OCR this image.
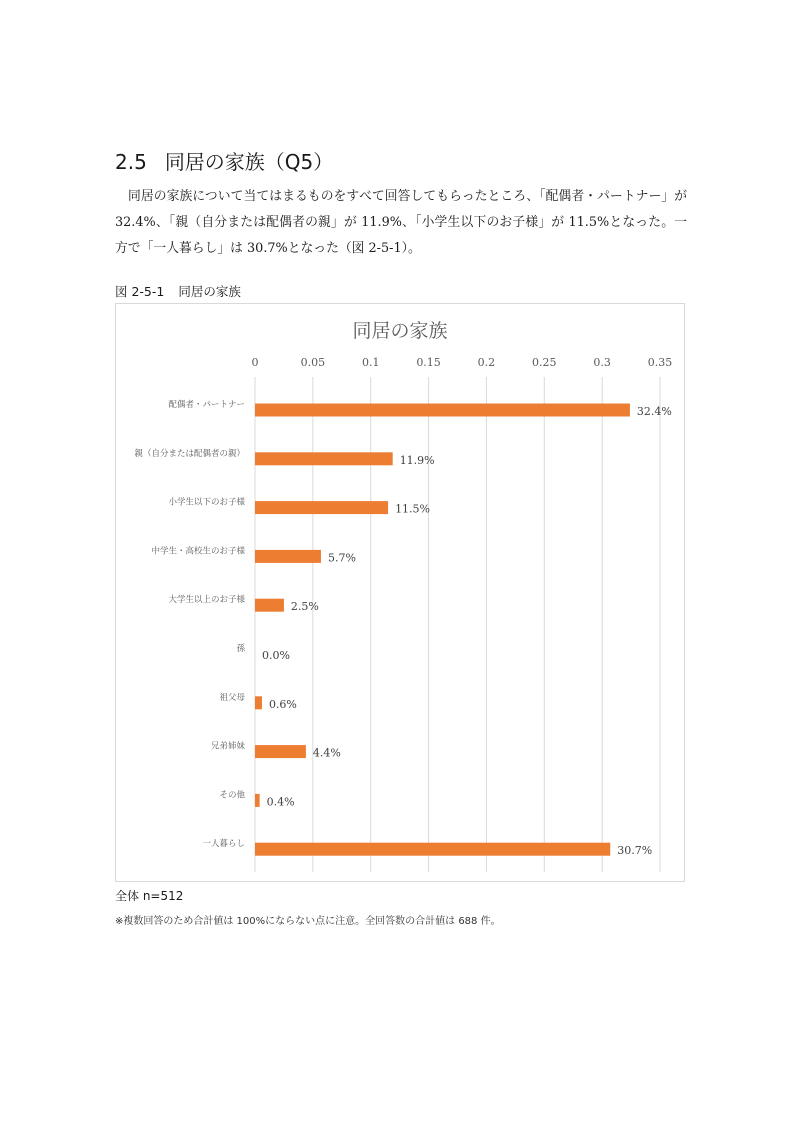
2.5 同居の家族（Q5）

同居の家族について当てはまるものをすべて回答してもらったところ、「配偶者・パートナー」が 32.4%、「親（自分または配偶者の親」が 11.9%、「小学生以下のお子様」が 11.5%となった。一方で「一人暮らし」は 30.7%となった（図 2-5-1）。

図 2-5-1 同居の家族

同居の家族
0	0.05	0.1	0.15	0.2	0.25	0.3	0.35
配偶者・パートナー	32.4%
親（自分または配偶者の親）	11.9%
小学生以下のお子様	11.5%
中学生・高校生のお子様	5.7%
大学生以上のお子様	2.5%
孫 0.0%
祖父母 0.6%
兄弟姉妹	4.4%
その他 0.4%
一人暮らし	30.7%

全体 n=512

※複数回答のため合計値は 100%にならない点に注意。全回答数の合計値は 688 件。
